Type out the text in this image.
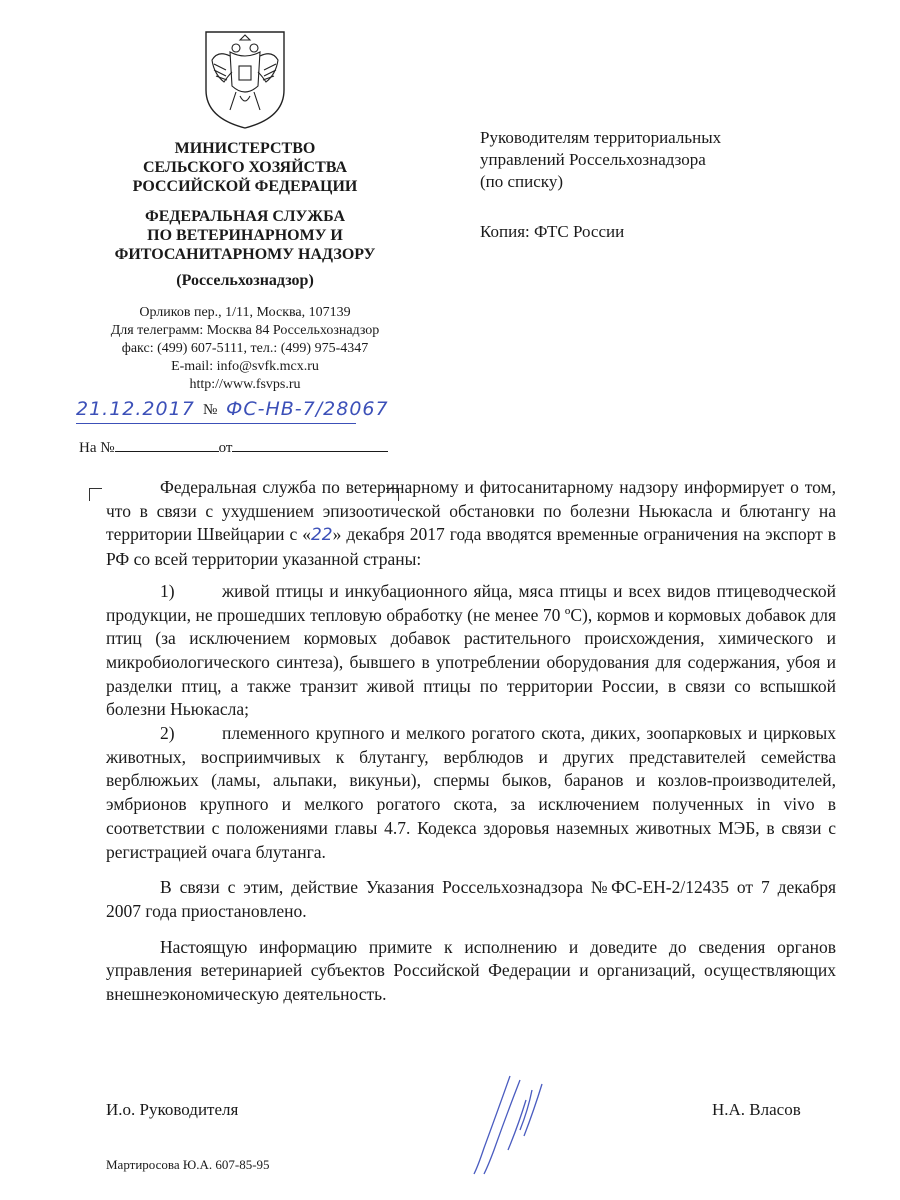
МИНИСТЕРСТВО
СЕЛЬСКОГО ХОЗЯЙСТВА
РОССИЙСКОЙ ФЕДЕРАЦИИ
ФЕДЕРАЛЬНАЯ СЛУЖБА
ПО ВЕТЕРИНАРНОМУ И
ФИТОСАНИТАРНОМУ НАДЗОРУ
(Россельхознадзор)
Орликов пер., 1/11, Москва, 107139
Для телеграмм: Москва 84 Россельхознадзор
факс: (499) 607-5111, тел.: (499) 975-4347
E-mail: info@svfk.mcx.ru
http://www.fsvps.ru
21.12.2017 № ФС-НВ-7/28067
На №	от
Руководителям территориальных
управлений Россельхознадзора
(по списку)
Копия: ФТС России

Федеральная служба по ветеринарному и фитосанитарному надзору информирует о том, что в связи с ухудшением эпизоотической обстановки по болезни Ньюкасла и блютангу на территории Швейцарии с «22» декабря 2017 года вводятся временные ограничения на экспорт в РФ со всей территории указанной страны:

1)	живой птицы и инкубационного яйца, мяса птицы и всех видов птицеводческой продукции, не прошедших тепловую обработку (не менее 70 ºС), кормов и кормовых добавок для птиц (за исключением кормовых добавок растительного происхождения, химического и микробиологического синтеза), бывшего в употреблении оборудования для содержания, убоя и разделки птиц, а также транзит живой птицы по территории России, в связи со вспышкой болезни Ньюкасла;

2)	племенного крупного и мелкого рогатого скота, диких, зоопарковых и цирковых животных, восприимчивых к блутангу, верблюдов и других представителей семейства верблюжьих (ламы, альпаки, викуньи), спермы быков, баранов и козлов-производителей, эмбрионов крупного и мелкого рогатого скота, за исключением полученных in vivo в соответствии с положениями главы 4.7. Кодекса здоровья наземных животных МЭБ, в связи с регистрацией очага блутанга.

В связи с этим, действие Указания Россельхознадзора №ФС-ЕН-2/12435 от 7 декабря 2007 года приостановлено.

Настоящую информацию примите к исполнению и доведите до сведения органов управления ветеринарией субъектов Российской Федерации и организаций, осуществляющих внешнеэкономическую деятельность.

И.о. Руководителя	Н.А. Власов
Мартиросова Ю.А. 607-85-95
